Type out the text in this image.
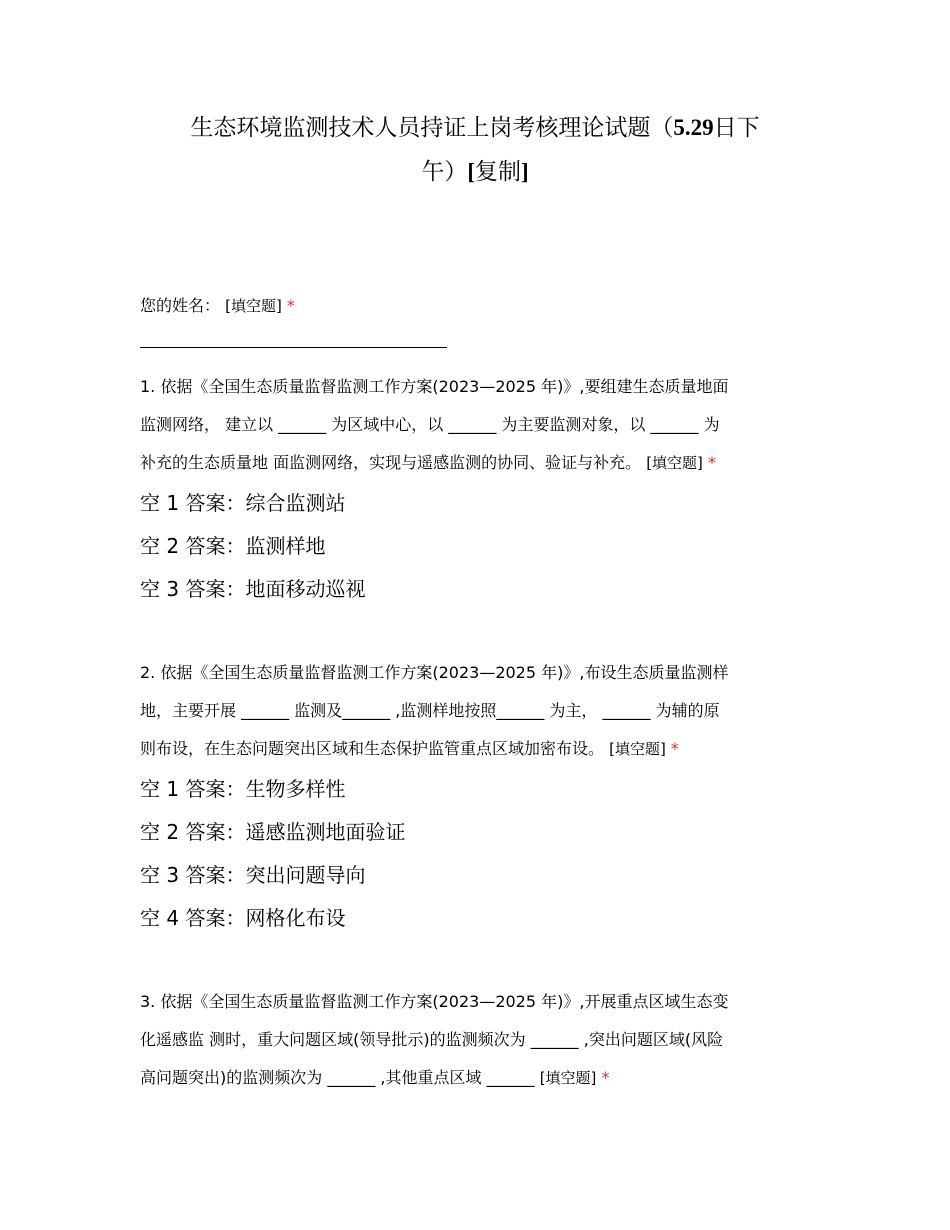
生态环境监测技术人员持证上岗考核理论试题（5.29日下
午）[复制]
您的姓名： [填空题] *
1. 依据《全国生态质量监督监测工作方案(2023—2025 年)》,要组建生态质量地面
监测网络， 建立以 ______ 为区域中心，以 ______ 为主要监测对象，以 ______ 为
补充的生态质量地 面监测网络，实现与遥感监测的协同、验证与补充。 [填空题] *
空 1 答案：综合监测站
空 2 答案：监测样地
空 3 答案：地面移动巡视
2. 依据《全国生态质量监督监测工作方案(2023—2025 年)》,布设生态质量监测样
地，主要开展 ______ 监测及______ ,监测样地按照______ 为主， ______ 为辅的原
则布设，在生态问题突出区域和生态保护监管重点区域加密布设。 [填空题] *
空 1 答案：生物多样性
空 2 答案：遥感监测地面验证
空 3 答案：突出问题导向
空 4 答案：网格化布设
3. 依据《全国生态质量监督监测工作方案(2023—2025 年)》,开展重点区域生态变
化遥感监 测时，重大问题区域(领导批示)的监测频次为 ______ ,突出问题区域(风险
高问题突出)的监测频次为 ______ ,其他重点区域 ______ [填空题] *
